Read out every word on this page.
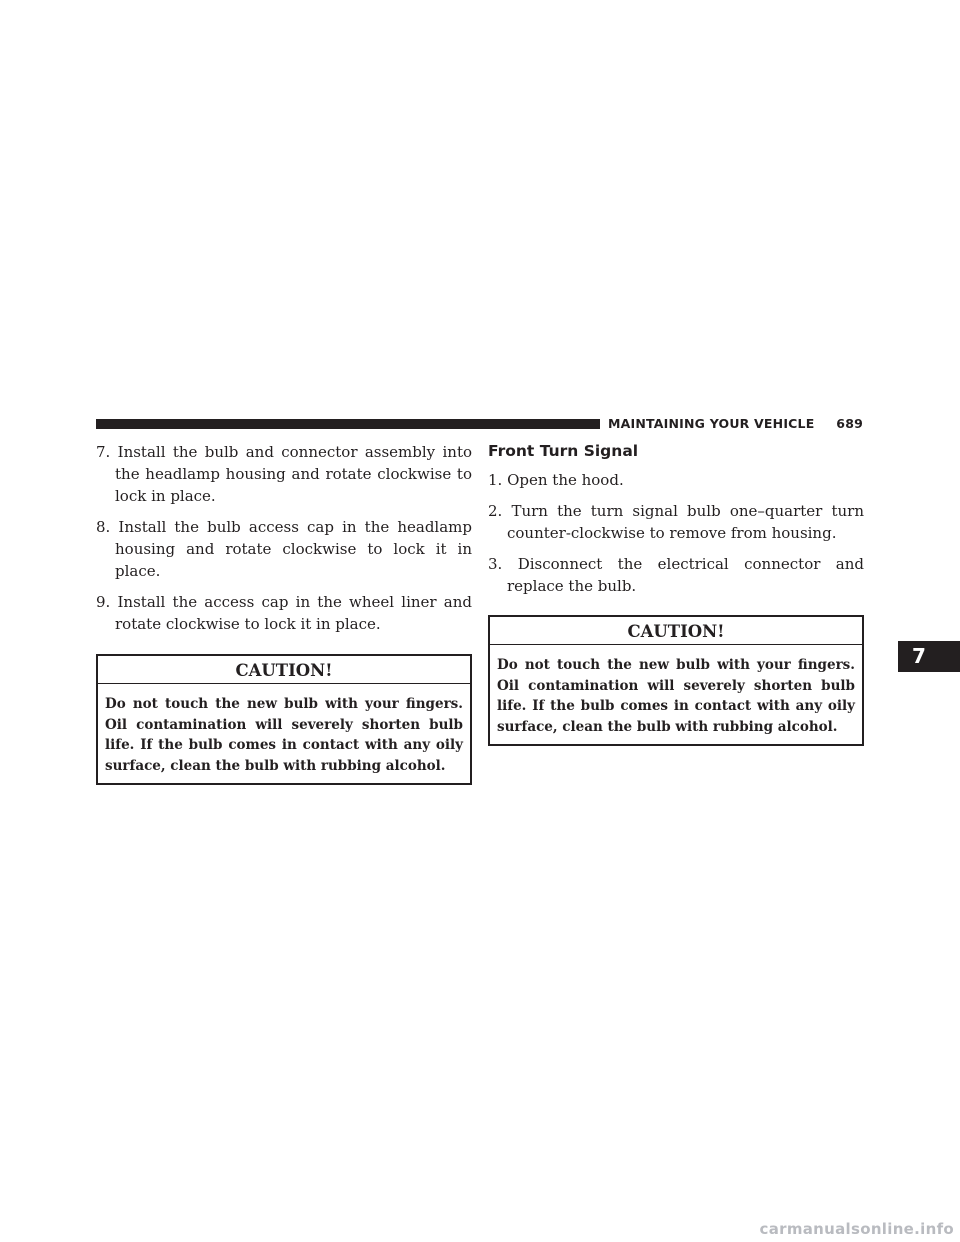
MAINTAINING YOUR VEHICLE 689
7. Install the bulb and connector assembly into the headlamp housing and rotate clockwise to lock in place.
8. Install the bulb access cap in the headlamp housing and rotate clockwise to lock it in place.
9. Install the access cap in the wheel liner and rotate clockwise to lock it in place.
CAUTION!
Do not touch the new bulb with your fingers. Oil contamination will severely shorten bulb life. If the bulb comes in contact with any oily surface, clean the bulb with rubbing alcohol.
Front Turn Signal
1. Open the hood.
2. Turn the turn signal bulb one–quarter turn counter-clockwise to remove from housing.
3. Disconnect the electrical connector and replace the bulb.
CAUTION!
Do not touch the new bulb with your fingers. Oil contamination will severely shorten bulb life. If the bulb comes in contact with any oily surface, clean the bulb with rubbing alcohol.
7
carmanualsonline.info
